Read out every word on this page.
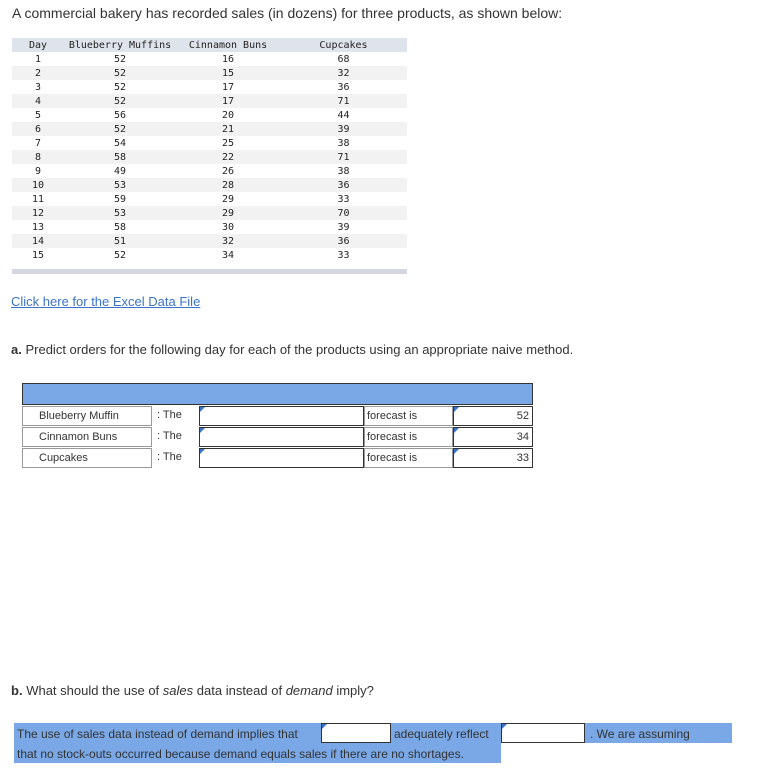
A commercial bakery has recorded sales (in dozens) for three products, as shown below:
Day	Blueberry Muffins	Cinnamon Buns	Cupcakes
1	52	16	68
2	52	15	32
3	52	17	36
4	52	17	71
5	56	20	44
6	52	21	39
7	54	25	38
8	58	22	71
9	49	26	38
10	53	28	36
11	59	29	33
12	53	29	70
13	58	30	39
14	51	32	36
15	52	34	33
Click here for the Excel Data File
a. Predict orders for the following day for each of the products using an appropriate naive method.
Blueberry Muffin	: The	forecast is	52
Cinnamon Buns	: The	forecast is	34
Cupcakes	: The	forecast is	33
b. What should the use of sales data instead of demand imply?
The use of sales data instead of demand implies that	adequately reflect	. We are assuming
that no stock-outs occurred because demand equals sales if there are no shortages.
